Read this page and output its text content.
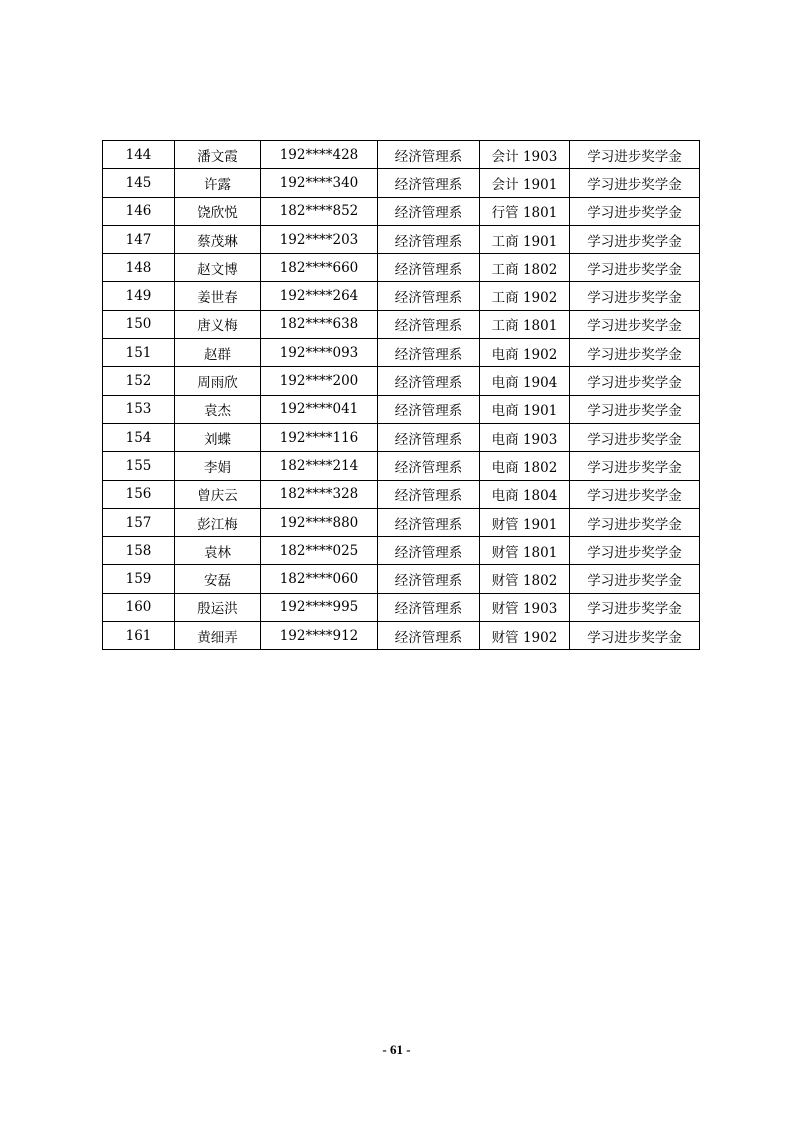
144	潘文霞	192****428	经济管理系	会计 1903	学习进步奖学金
145	许露	192****340	经济管理系	会计 1901	学习进步奖学金
146	饶欣悦	182****852	经济管理系	行管 1801	学习进步奖学金
147	蔡茂琳	192****203	经济管理系	工商 1901	学习进步奖学金
148	赵文博	182****660	经济管理系	工商 1802	学习进步奖学金
149	姜世春	192****264	经济管理系	工商 1902	学习进步奖学金
150	唐义梅	182****638	经济管理系	工商 1801	学习进步奖学金
151	赵群	192****093	经济管理系	电商 1902	学习进步奖学金
152	周雨欣	192****200	经济管理系	电商 1904	学习进步奖学金
153	袁杰	192****041	经济管理系	电商 1901	学习进步奖学金
154	刘蝶	192****116	经济管理系	电商 1903	学习进步奖学金
155	李娟	182****214	经济管理系	电商 1802	学习进步奖学金
156	曾庆云	182****328	经济管理系	电商 1804	学习进步奖学金
157	彭江梅	192****880	经济管理系	财管 1901	学习进步奖学金
158	袁林	182****025	经济管理系	财管 1801	学习进步奖学金
159	安磊	182****060	经济管理系	财管 1802	学习进步奖学金
160	殷运洪	192****995	经济管理系	财管 1903	学习进步奖学金
161	黄细弄	192****912	经济管理系	财管 1902	学习进步奖学金
- 61 -
